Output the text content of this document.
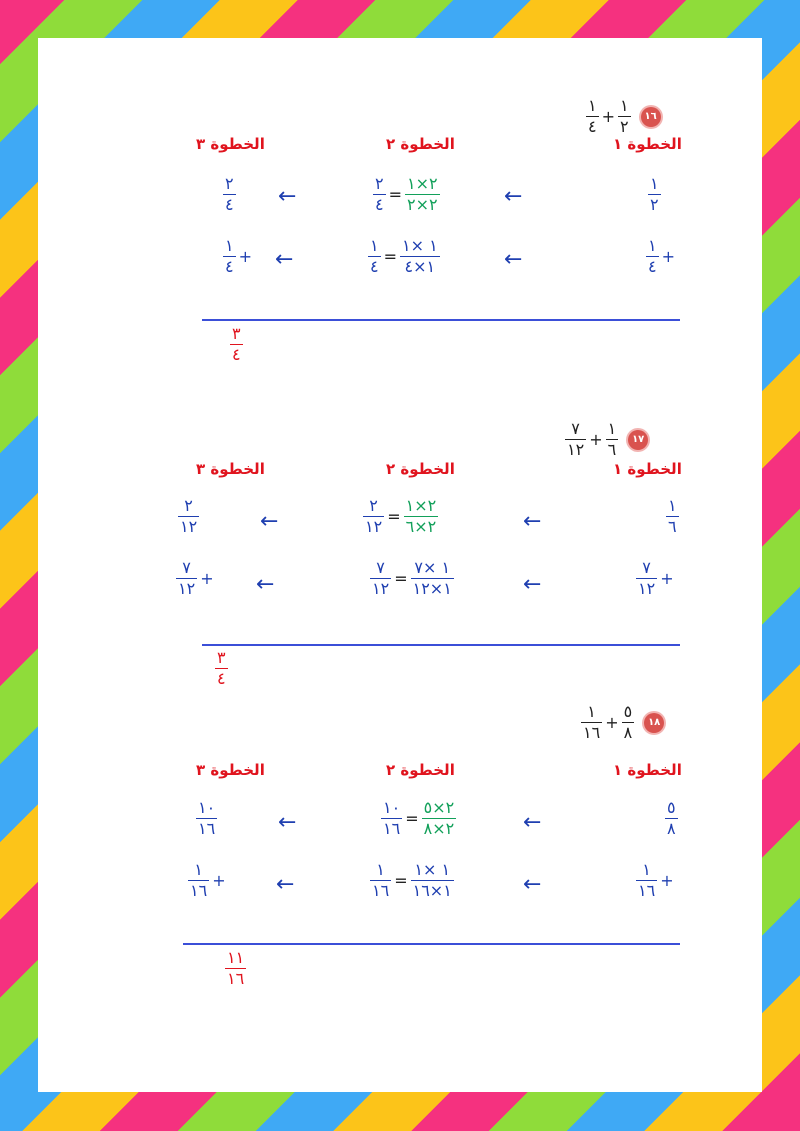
$\frac{١}{٤} + \frac{١}{٢}$	١٦
الخطوة ١
الخطوة ٢
الخطوة ٣
$\frac{٢}{٤}$ ←	$\frac{٢}{٤} = \frac{٢\times ١}{٢\times ٢}$	←	$\frac{١}{٢}$
$\frac{١}{٤}$ + ←	$\frac{١}{٤} = \frac{١ \times ١}{١\times ٤}$	←	$\frac{١}{٤}$ +
$\frac{٣}{٤}$
$\frac{٧}{١٢} + \frac{١}{٦}$	١٧
الخطوة ١
الخطوة ٢
الخطوة ٣
$\frac{٢}{١٢}$	←	$\frac{٢}{١٢} = \frac{٢\times ١}{٢\times ٦}$	←	$\frac{١}{٦}$
$\frac{٧}{١٢}$ + ←	$\frac{٧}{١٢} = \frac{١ \times ٧}{١\times ١٢}$	←	$\frac{٧}{١٢}$ +
$\frac{٣}{٤}$
$\frac{١}{١٦} + \frac{٥}{٨}$	١٨
الخطوة ١
الخطوة ٢
الخطوة ٣
$\frac{١٠}{١٦}$	←	$\frac{١٠}{١٦} = \frac{٢\times ٥}{٢\times ٨}$	←	$\frac{٥}{٨}$
$\frac{١}{١٦}$ + ←	$\frac{١}{١٦} = \frac{١ \times ١}{١\times ١٦}$	←	$\frac{١}{١٦}$ +
$\frac{١١}{١٦}$
